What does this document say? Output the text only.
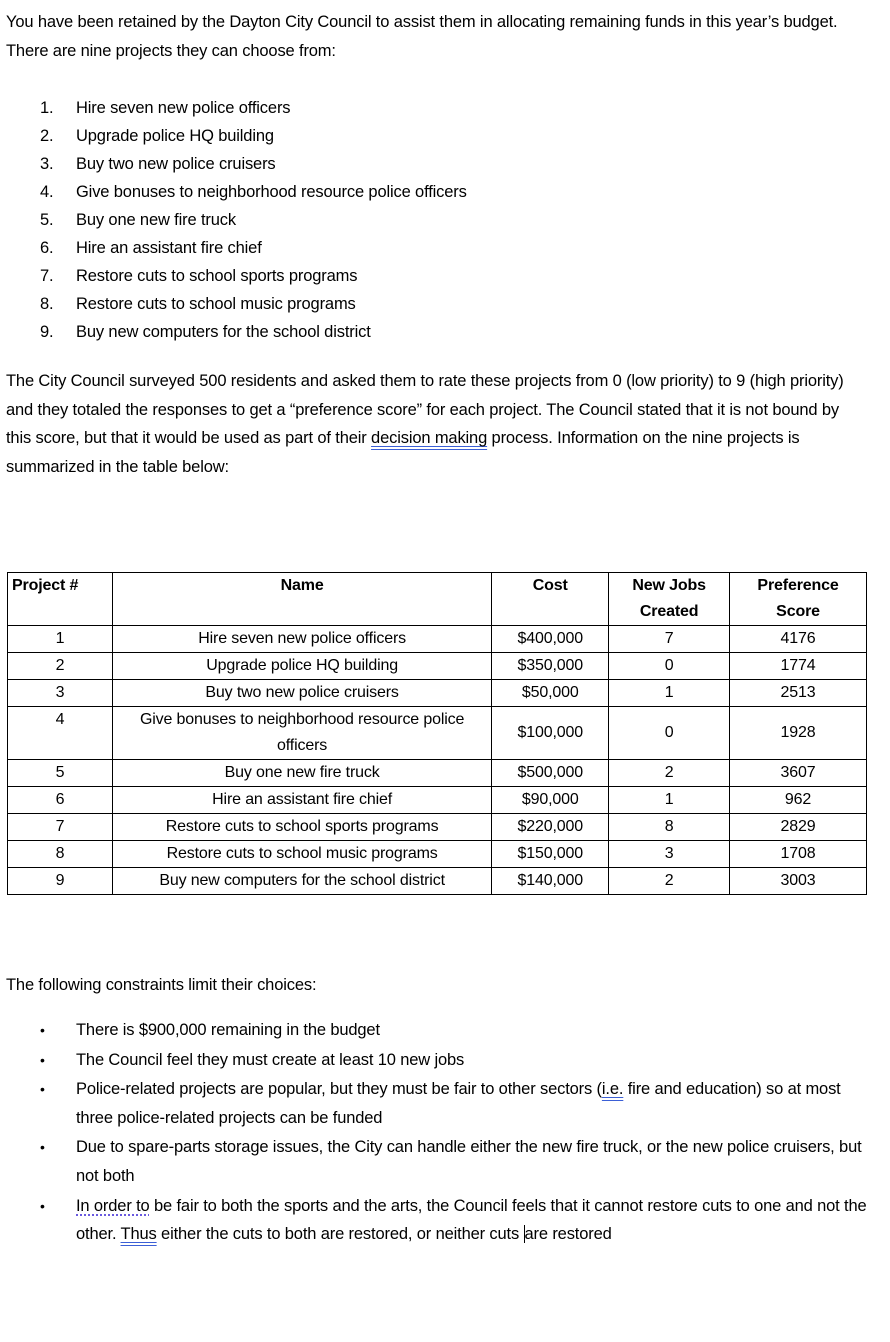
You have been retained by the Dayton City Council to assist them in allocating remaining funds in this year’s budget. There are nine projects they can choose from:
1.	Hire seven new police officers
2.	Upgrade police HQ building
3.	Buy two new police cruisers
4.	Give bonuses to neighborhood resource police officers
5.	Buy one new fire truck
6.	Hire an assistant fire chief
7.	Restore cuts to school sports programs
8.	Restore cuts to school music programs
9.	Buy new computers for the school district
The City Council surveyed 500 residents and asked them to rate these projects from 0 (low priority) to 9 (high priority) and they totaled the responses to get a “preference score” for each project. The Council stated that it is not bound by this score, but that it would be used as part of their decision making process. Information on the nine projects is summarized in the table below:
Project #	Name	Cost	New Jobs Created	Preference Score
1	Hire seven new police officers	$400,000	7	4176
2	Upgrade police HQ building	$350,000	0	1774
3	Buy two new police cruisers	$50,000	1	2513
4	Give bonuses to neighborhood resource police officers	$100,000	0	1928
5	Buy one new fire truck	$500,000	2	3607
6	Hire an assistant fire chief	$90,000	1	962
7	Restore cuts to school sports programs	$220,000	8	2829
8	Restore cuts to school music programs	$150,000	3	1708
9	Buy new computers for the school district	$140,000	2	3003
The following constraints limit their choices:
•	There is $900,000 remaining in the budget
•	The Council feel they must create at least 10 new jobs
•	Police-related projects are popular, but they must be fair to other sectors (i.e. fire and education) so at most three police-related projects can be funded
•	Due to spare-parts storage issues, the City can handle either the new fire truck, or the new police cruisers, but not both
•	In order to be fair to both the sports and the arts, the Council feels that it cannot restore cuts to one and not the other. Thus either the cuts to both are restored, or neither cuts are restored
